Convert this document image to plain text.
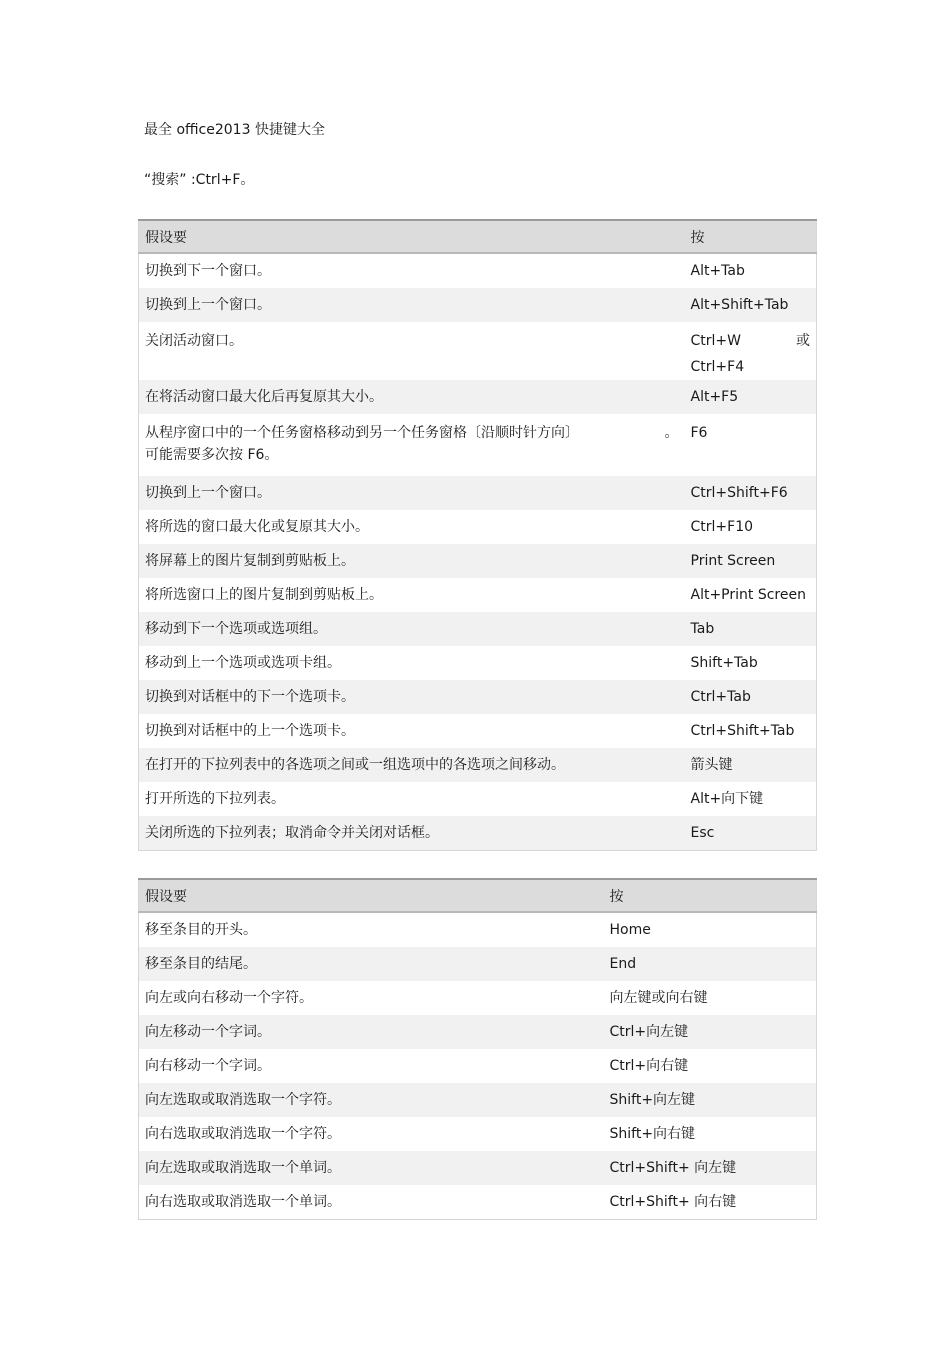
最全 office2013 快捷键大全
“搜索” :Ctrl+F。
假设要	按
切换到下一个窗口。	Alt+Tab
切换到上一个窗口。	Alt+Shift+Tab
关闭活动窗口。	Ctrl+W 或
Ctrl+F4

在将活动窗口最大化后再复原其大小。	Alt+F5

从程序窗口中的一个任务窗格移动到另一个任务窗格〔沿顺时针方向〕 。
可能需要多次按 F6。	F6
切换到上一个窗口。	Ctrl+Shift+F6
将所选的窗口最大化或复原其大小。	Ctrl+F10
将屏幕上的图片复制到剪贴板上。	Print Screen
将所选窗口上的图片复制到剪贴板上。	Alt+Print Screen
移动到下一个选项或选项组。	Tab
移动到上一个选项或选项卡组。	Shift+Tab
切换到对话框中的下一个选项卡。	Ctrl+Tab
切换到对话框中的上一个选项卡。	Ctrl+Shift+Tab
在打开的下拉列表中的各选项之间或一组选项中的各选项之间移动。	箭头键
打开所选的下拉列表。	Alt+向下键
关闭所选的下拉列表；取消命令并关闭对话框。	Esc
假设要	按
移至条目的开头。	Home
移至条目的结尾。	End
向左或向右移动一个字符。	向左键或向右键
向左移动一个字词。	Ctrl+向左键
向右移动一个字词。	Ctrl+向右键
向左选取或取消选取一个字符。	Shift+向左键
向右选取或取消选取一个字符。	Shift+向右键
向左选取或取消选取一个单词。	Ctrl+Shift+ 向左键
向右选取或取消选取一个单词。	Ctrl+Shift+ 向右键
